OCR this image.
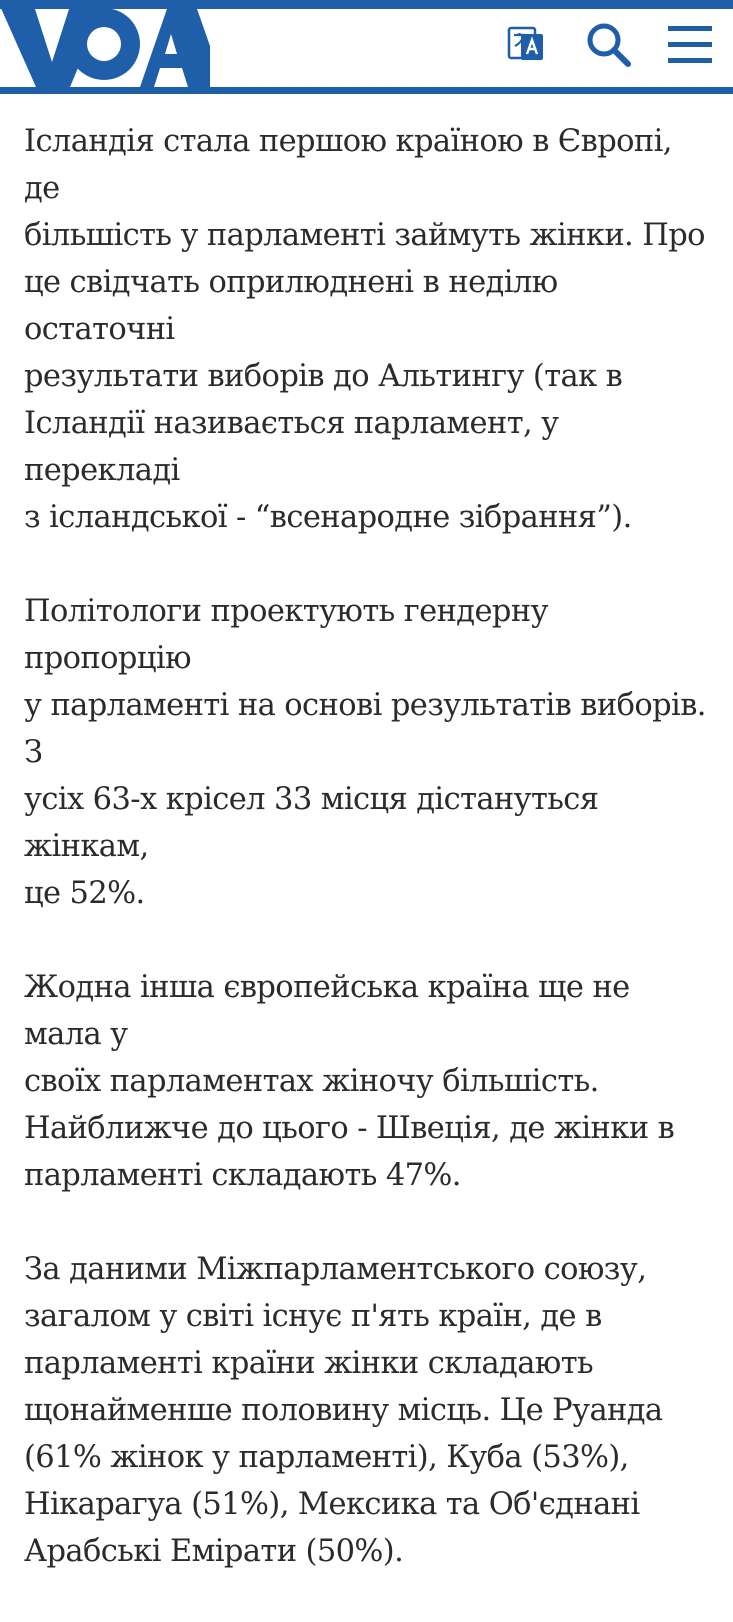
Ісландія стала першою країною в Європі, де
більшість у парламенті займуть жінки. Про
це свідчать оприлюднені в неділю остаточні
результати виборів до Альтингу (так в
Ісландії називається парламент, у перекладі
з ісландської - “всенародне зібрання”).

Політологи проектують гендерну пропорцію
у парламенті на основі результатів виборів. З
усіх 63-х крісел 33 місця дістануться жінкам,
це 52%.

Жодна інша європейська країна ще не мала у
своїх парламентах жіночу більшість.
Найближче до цього - Швеція, де жінки в
парламенті складають 47%.

За даними Міжпарламентського союзу,
загалом у світі існує п'ять країн, де в
парламенті країни жінки складають
щонайменше половину місць. Це Руанда
(61% жінок у парламенті), Куба (53%),
Нікарагуа (51%), Мексика та Об'єднані
Арабські Емірати (50%).
